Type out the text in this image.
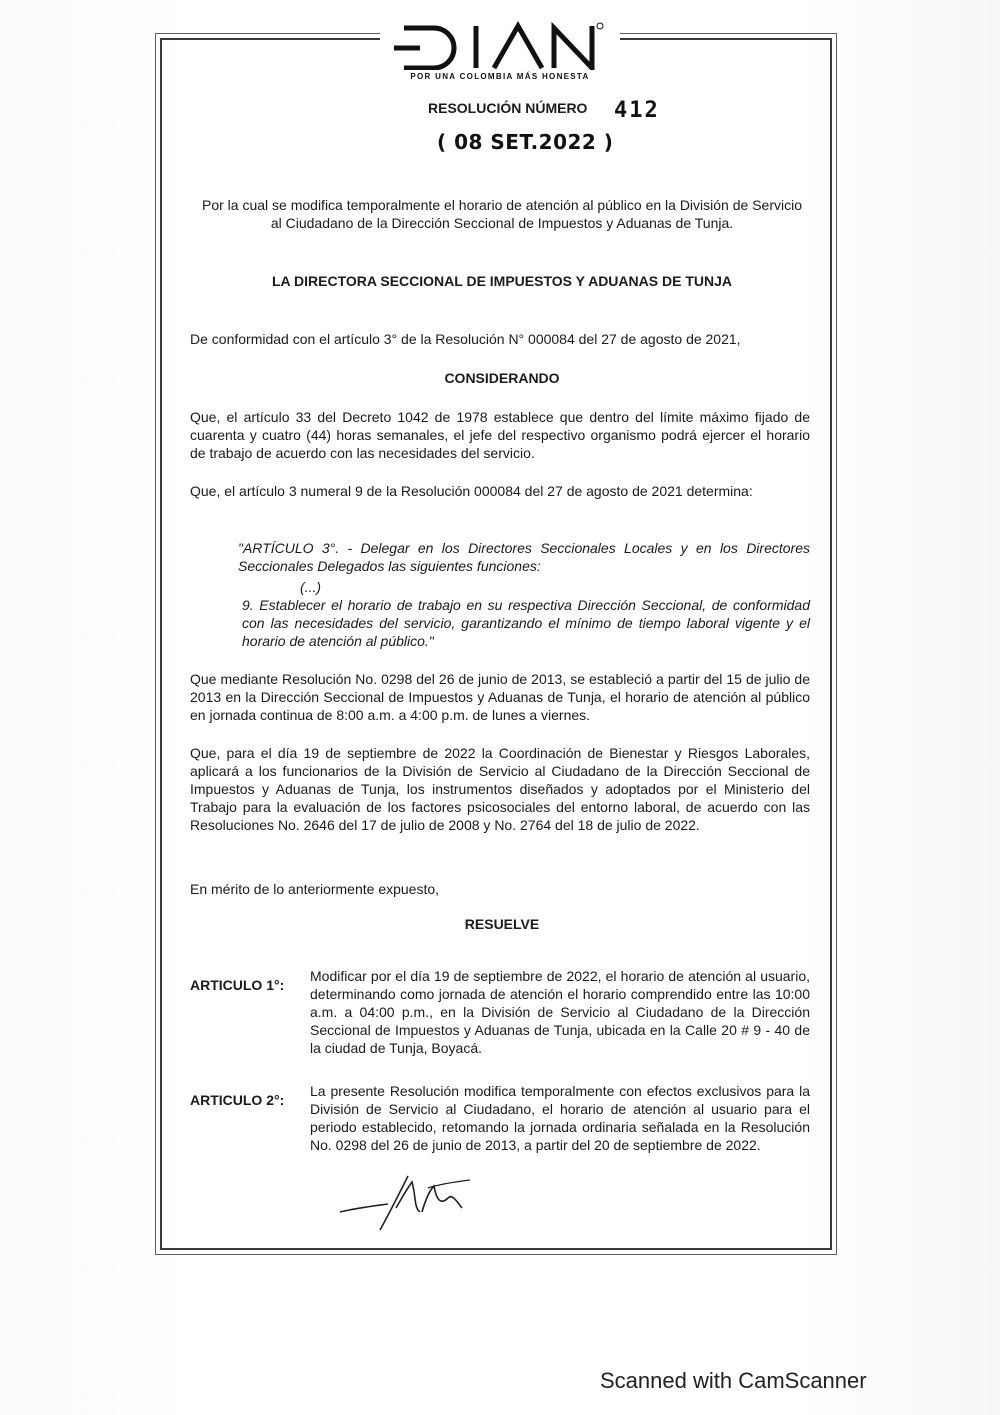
POR UNA COLOMBIA MÁS HONESTA
RESOLUCIÓN NÚMERO 412
( 08 SET.2022 )
Por la cual se modifica temporalmente el horario de atención al público en la División de Servicio al Ciudadano de la Dirección Seccional de Impuestos y Aduanas de Tunja.
LA DIRECTORA SECCIONAL DE IMPUESTOS Y ADUANAS DE TUNJA
De conformidad con el artículo 3° de la Resolución N° 000084 del 27 de agosto de 2021,
CONSIDERANDO
Que, el artículo 33 del Decreto 1042 de 1978 establece que dentro del límite máximo fijado de cuarenta y cuatro (44) horas semanales, el jefe del respectivo organismo podrá ejercer el horario de trabajo de acuerdo con las necesidades del servicio.
Que, el artículo 3 numeral 9 de la Resolución 000084 del 27 de agosto de 2021 determina:
"ARTÍCULO 3°. - Delegar en los Directores Seccionales Locales y en los Directores Seccionales Delegados las siguientes funciones:
(...)
9. Establecer el horario de trabajo en su respectiva Dirección Seccional, de conformidad con las necesidades del servicio, garantizando el mínimo de tiempo laboral vigente y el horario de atención al público."
Que mediante Resolución No. 0298 del 26 de junio de 2013, se estableció a partir del 15 de julio de 2013 en la Dirección Seccional de Impuestos y Aduanas de Tunja, el horario de atención al público en jornada continua de 8:00 a.m. a 4:00 p.m. de lunes a viernes.
Que, para el día 19 de septiembre de 2022 la Coordinación de Bienestar y Riesgos Laborales, aplicará a los funcionarios de la División de Servicio al Ciudadano de la Dirección Seccional de Impuestos y Aduanas de Tunja, los instrumentos diseñados y adoptados por el Ministerio del Trabajo para la evaluación de los factores psicosociales del entorno laboral, de acuerdo con las Resoluciones No. 2646 del 17 de julio de 2008 y No. 2764 del 18 de julio de 2022.
En mérito de lo anteriormente expuesto,
RESUELVE
ARTICULO 1°:
Modificar por el día 19 de septiembre de 2022, el horario de atención al usuario, determinando como jornada de atención el horario comprendido entre las 10:00 a.m. a 04:00 p.m., en la División de Servicio al Ciudadano de la Dirección Seccional de Impuestos y Aduanas de Tunja, ubicada en la Calle 20 # 9 - 40 de la ciudad de Tunja, Boyacá.
ARTICULO 2°:
La presente Resolución modifica temporalmente con efectos exclusivos para la División de Servicio al Ciudadano, el horario de atención al usuario para el periodo establecido, retomando la jornada ordinaria señalada en la Resolución No. 0298 del 26 de junio de 2013, a partir del 20 de septiembre de 2022.
Scanned with CamScanner
